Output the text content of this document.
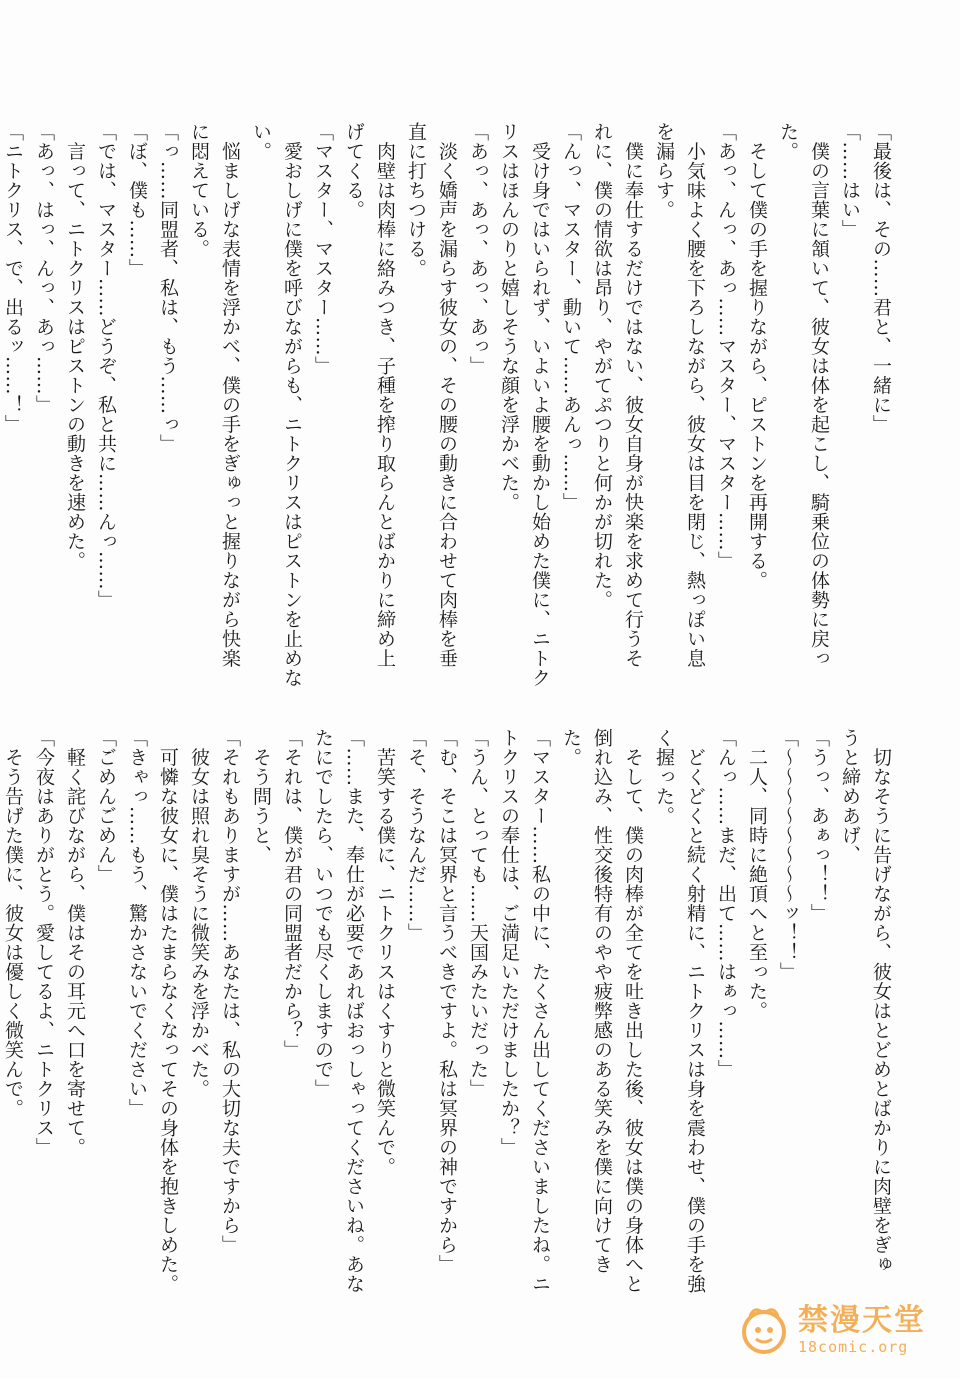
「最後は、その……君と、一緒に」
「……はい」
　僕の言葉に頷いて、彼女は体を起こし、騎乗位の体勢に戻っ
た。
　そして僕の手を握りながら、ピストンを再開する。
「あっ、んっ、あっ……マスター、マスター……」
　小気味よく腰を下ろしながら、彼女は目を閉じ、熱っぽい息
を漏らす。
　僕に奉仕するだけではない、彼女自身が快楽を求めて行うそ
れに、僕の情欲は昂り、やがてぷつりと何かが切れた。
「んっ、マスター、動いて……あんっ……」
　受け身ではいられず、いよいよ腰を動かし始めた僕に、ニトク
リスはほんのりと嬉しそうな顔を浮かべた。
「あっ、あっ、あっ、あっ」
　淡く嬌声を漏らす彼女の、その腰の動きに合わせて肉棒を垂
直に打ちつける。
　肉壁は肉棒に絡みつき、子種を搾り取らんとばかりに締め上
げてくる。
「マスター、マスター……」
　愛おしげに僕を呼びながらも、ニトクリスはピストンを止めな
い。
　悩ましげな表情を浮かべ、僕の手をぎゅっと握りながら快楽
に悶えている。
「っ……同盟者、私は、もう……っ」
「ぼ、僕も……」
「では、マスター……どうぞ、私と共に……んっ……」
　言って、ニトクリスはピストンの動きを速めた。
「あっ、はっ、んっ、あっ……」
「ニトクリス、で、出るッ……！」
　切なそうに告げながら、彼女はとどめとばかりに肉壁をぎゅ
うと締めあげ、
「うっ、あぁっ！！」
「～～～～～～～～ッ！！」
　二人、同時に絶頂へと至った。
「んっ……まだ、出て……はぁっ……」
　どくどくと続く射精に、ニトクリスは身を震わせ、僕の手を強
く握った。
　そして、僕の肉棒が全てを吐き出した後、彼女は僕の身体へと
倒れ込み、性交後特有のやや疲弊感のある笑みを僕に向けてき
た。
「マスター……私の中に、たくさん出してくださいましたね。ニ
トクリスの奉仕は、ご満足いただけましたか？」
「うん、とっても……天国みたいだった」
「む、そこは冥界と言うべきですよ。私は冥界の神ですから」
「そ、そうなんだ……」
　苦笑する僕に、ニトクリスはくすりと微笑んで。
「……また、奉仕が必要であればおっしゃってくださいね。あな
たにでしたら、いつでも尽くしますので」
「それは、僕が君の同盟者だから？」
　そう問うと、
「それもありますが……あなたは、私の大切な夫ですから」
　彼女は照れ臭そうに微笑みを浮かべた。
　可憐な彼女に、僕はたまらなくなってその身体を抱きしめた。
「きゃっ……もう、驚かさないでください」
「ごめんごめん」
　軽く詫びながら、僕はその耳元へ口を寄せて。
「今夜はありがとう。愛してるよ、ニトクリス」
　そう告げた僕に、彼女は優しく微笑んで。
禁漫天堂
18comic.org
